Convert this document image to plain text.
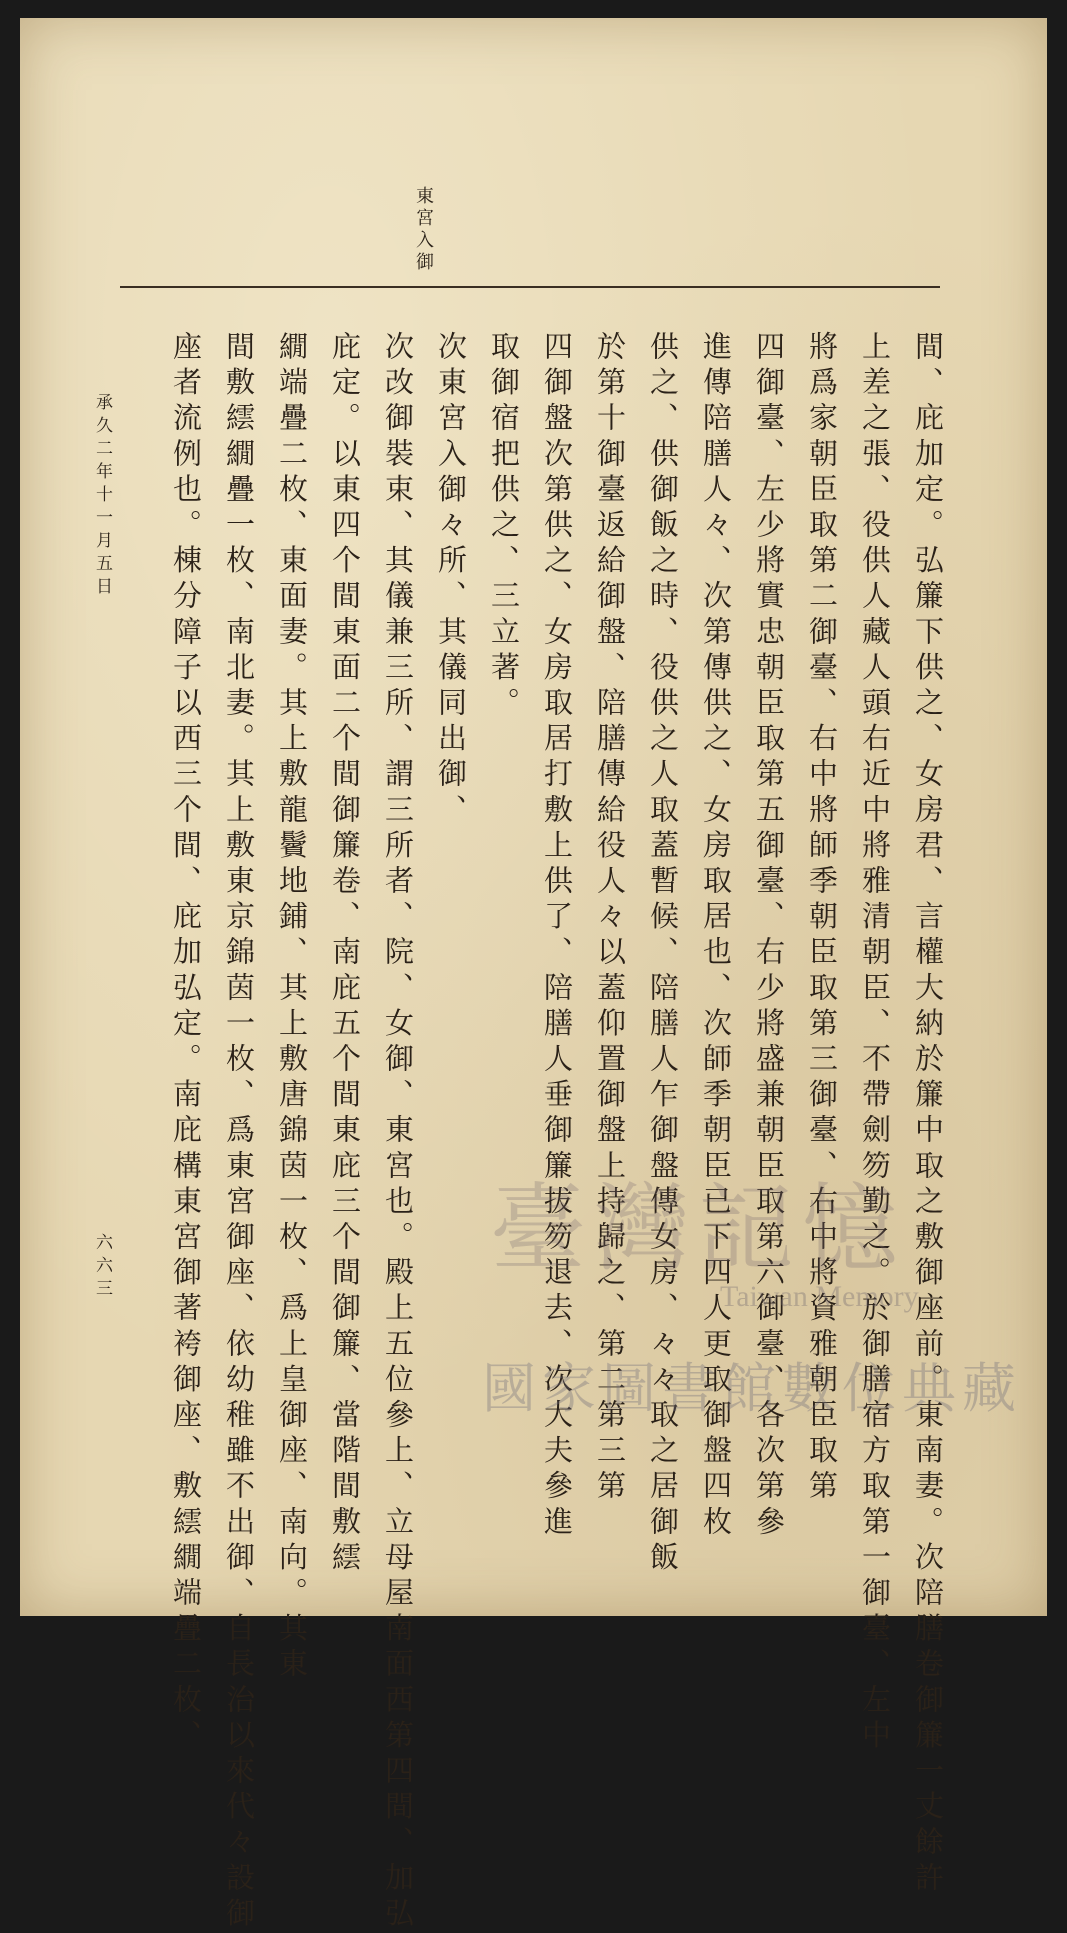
東宮入御
間、庇加定。弘簾下供之、女房君、言權大納於簾中取之敷御座前。東南妻。次陪膳卷御簾一丈餘許
上差之張、役供人藏人頭右近中將雅清朝臣、不帶劍笏勤之。於御膳宿方取第一御臺、左中
將爲家朝臣取第二御臺、右中將師季朝臣取第三御臺、右中將資雅朝臣取第
四御臺、左少將實忠朝臣取第五御臺、右少將盛兼朝臣取第六御臺、各次第參
進傳陪膳人々、次第傳供之、女房取居也、次師季朝臣已下四人更取御盤四枚
供之、供御飯之時、役供之人取蓋暫候、陪膳人乍御盤傳女房、々々取之居御飯
於第十御臺返給御盤、陪膳傳給役人々以蓋仰置御盤上持歸之、第二第三第
四御盤次第供之、女房取居打敷上供了、陪膳人垂御簾拔笏退去、次大夫參進
取御宿把供之、三立著。
次東宮入御々所、其儀同出御、
次改御裝束、其儀兼三所、謂三所者、院、女御、東宮也。殿上五位參上、立母屋南面西第四間、加弘
庇定。以東四个間東面二个間御簾卷、南庇五个間東庇三个間御簾、當階間敷繧
繝端疊二枚、東面妻。其上敷龍鬢地鋪、其上敷唐錦茵一枚、爲上皇御座、南向。其東
間敷繧繝疊一枚、南北妻。其上敷東京錦茵一枚、爲東宮御座、依幼稚雖不出御、自長治以來代々設御
座者流例也。棟分障子以西三个間、庇加弘定。南庇構東宮御著袴御座、敷繧繝端疊二枚、
承久二年十一月五日
六六三	臺灣記憶
Taiwan Memory
國家圖書館數位典藏
